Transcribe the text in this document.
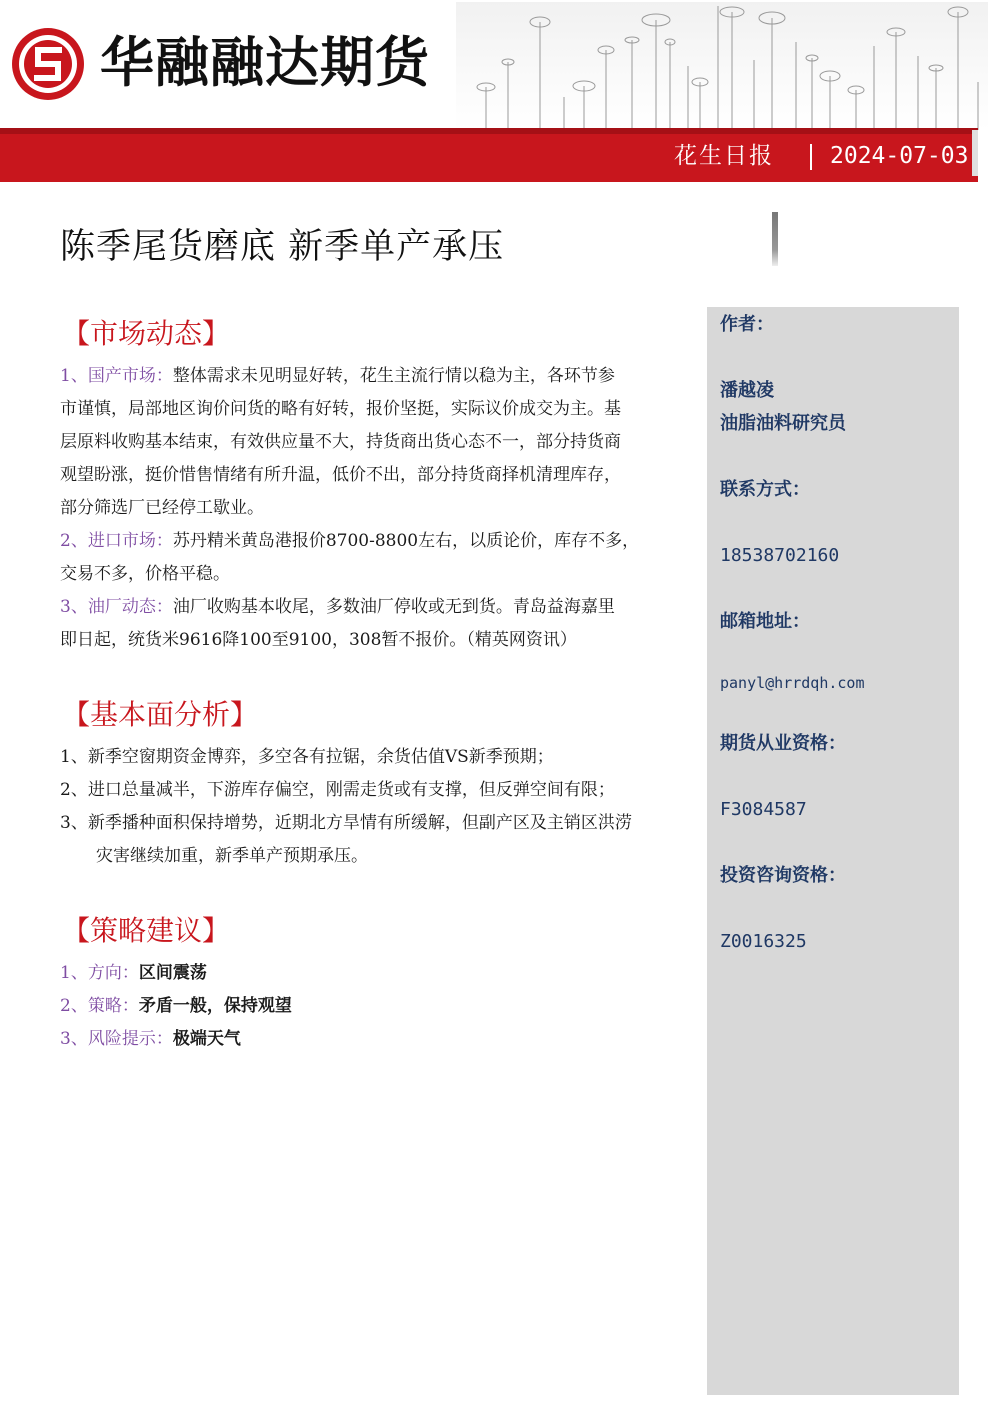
华融融达期货
花生日报 2024-07-03
陈季尾货磨底 新季单产承压
作者：
潘越凌
油脂油料研究员
联系方式：
18538702160
邮箱地址：
panyl@hrrdqh.com
期货从业资格：
F3084587
投资咨询资格：
Z0016325
【市场动态】
1、国产市场：整体需求未见明显好转，花生主流行情以稳为主，各环节参
市谨慎，局部地区询价问货的略有好转，报价坚挺，实际议价成交为主。基
层原料收购基本结束，有效供应量不大，持货商出货心态不一，部分持货商
观望盼涨，挺价惜售情绪有所升温，低价不出，部分持货商择机清理库存，
部分筛选厂已经停工歇业。
2、进口市场：苏丹精米黄岛港报价8700-8800左右，以质论价，库存不多，
交易不多，价格平稳。
3、油厂动态：油厂收购基本收尾，多数油厂停收或无到货。青岛益海嘉里
即日起，统货米9616降100至9100，308暂不报价。（精英网资讯）
【基本面分析】
1、新季空窗期资金博弈，多空各有拉锯，余货估值VS新季预期；
2、进口总量减半，下游库存偏空，刚需走货或有支撑，但反弹空间有限；
3、新季播种面积保持增势，近期北方旱情有所缓解，但副产区及主销区洪涝
灾害继续加重，新季单产预期承压。
【策略建议】
1、方向：区间震荡
2、策略：矛盾一般，保持观望
3、风险提示：极端天气
